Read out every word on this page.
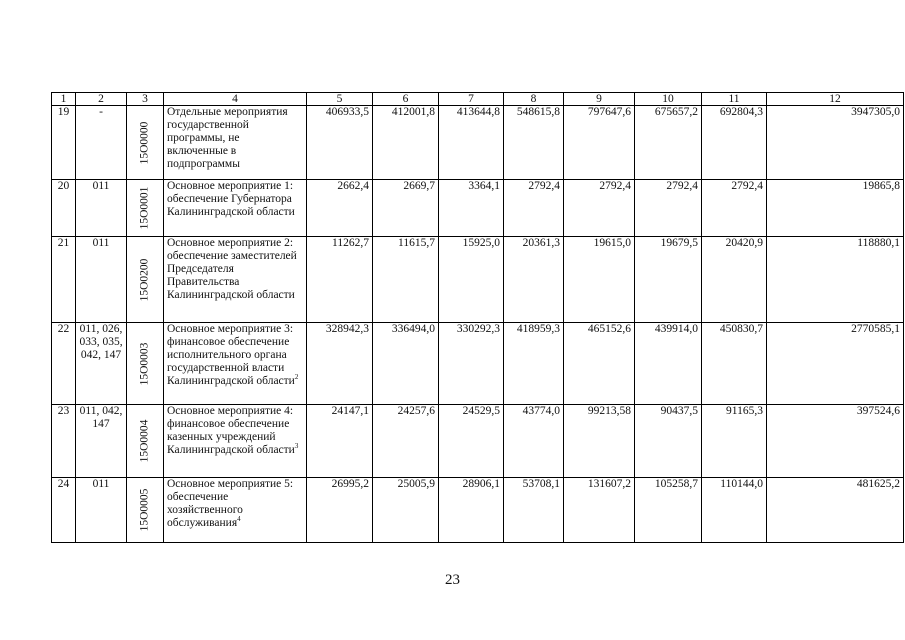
1	2	3	4	5	6	7	8	9	10	11	12
19	-	15O0000	Отдельные мероприятия государственной программы, не включенные в подпрограммы	406933,5	412001,8	413644,8	548615,8	797647,6	675657,2	692804,3	3947305,0
20	011	15O0001	Основное мероприятие 1: обеспечение Губернатора Калининградской области	2662,4	2669,7	3364,1	2792,4	2792,4	2792,4	2792,4	19865,8
21	011	15O0200	Основное мероприятие 2: обеспечение заместителей Председателя Правительства Калининградской области	11262,7	11615,7	15925,0	20361,3	19615,0	19679,5	20420,9	118880,1
22	011, 026, 033, 035, 042, 147	15O0003	Основное мероприятие 3: финансовое обеспечение исполнительного органа государственной власти Калининградской области$^2$	328942,3	336494,0	330292,3	418959,3	465152,6	439914,0	450830,7	2770585,1
23	011, 042, 147	15O0004	Основное мероприятие 4: финансовое обеспечение казенных учреждений Калининградской области$^3$	24147,1	24257,6	24529,5	43774,0	99213,58	90437,5	91165,3	397524,6
24	011	15O0005	Основное мероприятие 5: обеспечение хозяйственного обслуживания$^4$	26995,2	25005,9	28906,1	53708,1	131607,2	105258,7	110144,0	481625,2
23
